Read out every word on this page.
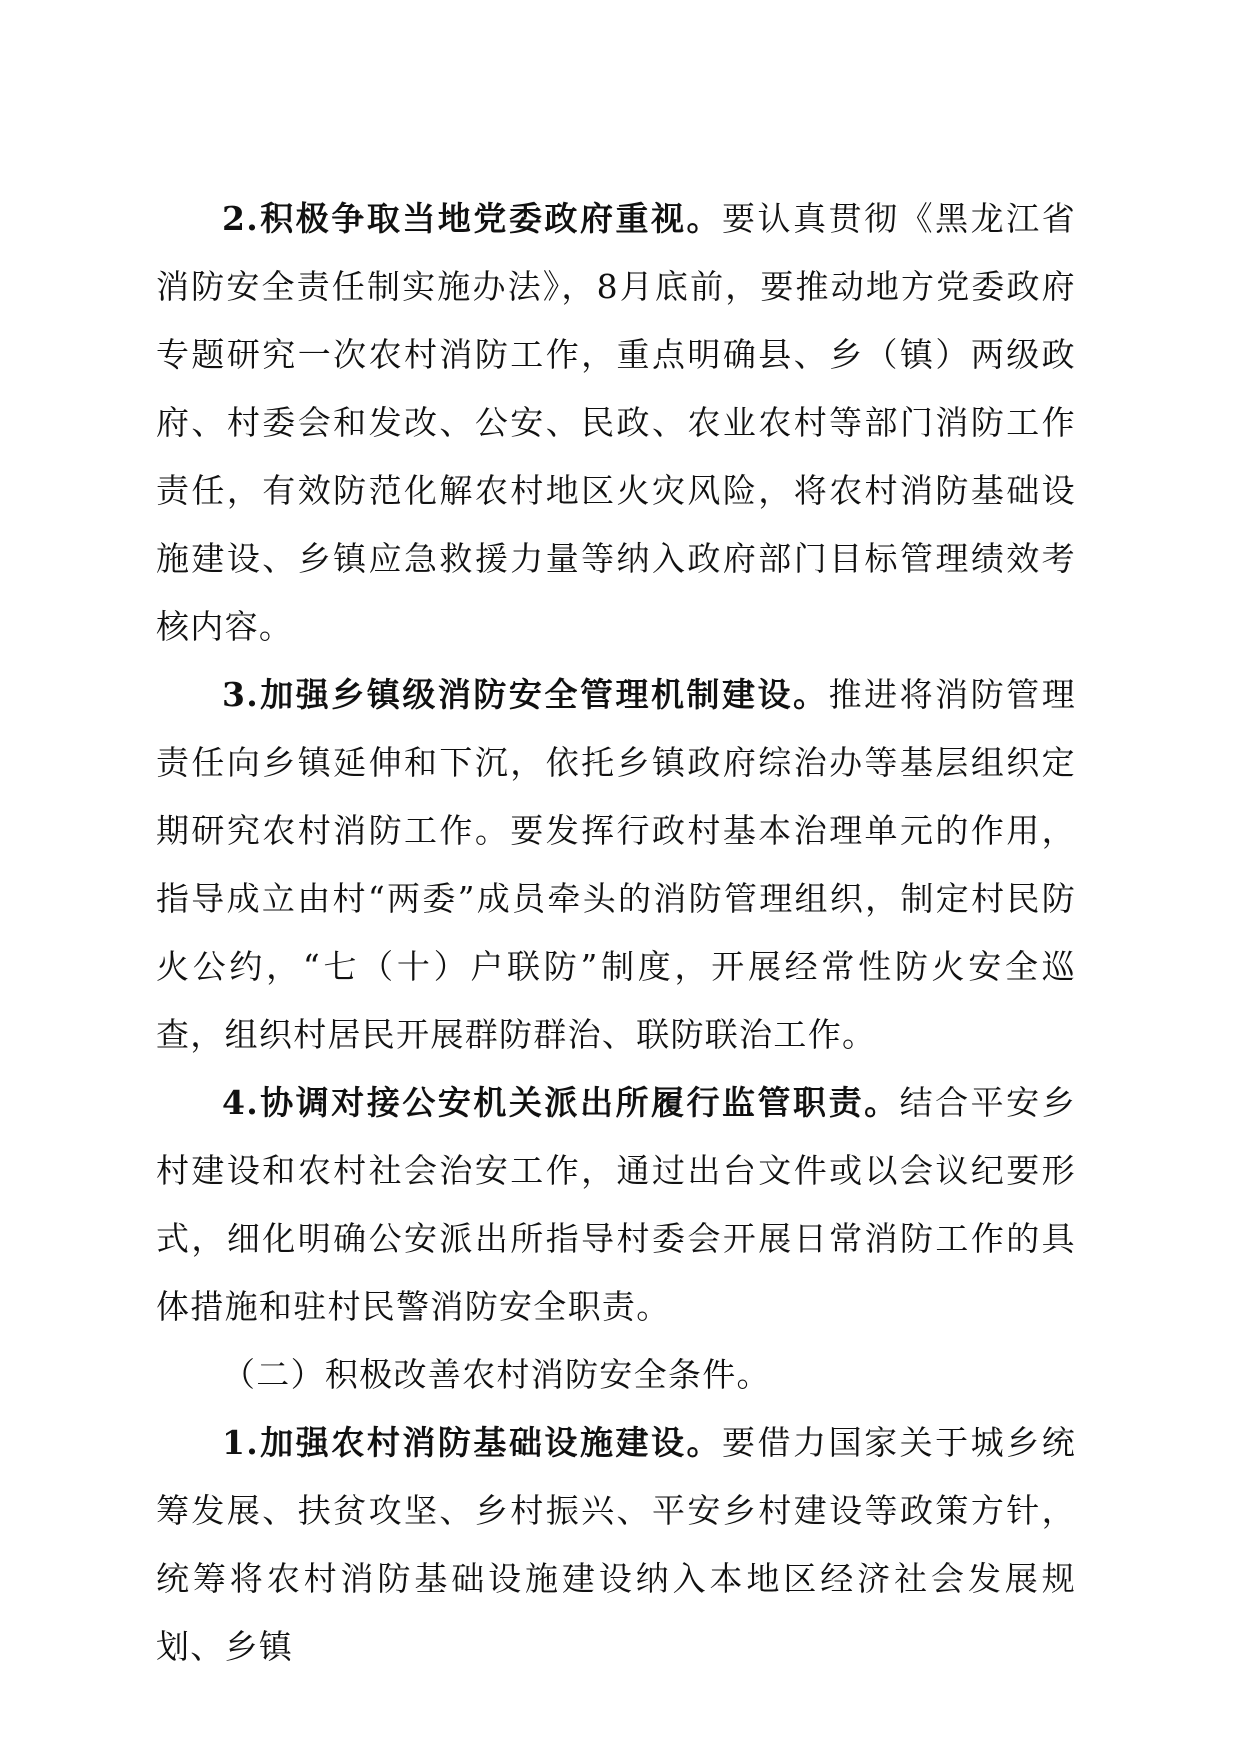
2.积极争取当地党委政府重视。要认真贯彻《黑龙江省消防安全责任制实施办法》，8月底前，要推动地方党委政府专题研究一次农村消防工作，重点明确县、乡（镇）两级政府、村委会和发改、公安、民政、农业农村等部门消防工作责任，有效防范化解农村地区火灾风险，将农村消防基础设施建设、乡镇应急救援力量等纳入政府部门目标管理绩效考核内容。

3.加强乡镇级消防安全管理机制建设。推进将消防管理责任向乡镇延伸和下沉，依托乡镇政府综治办等基层组织定期研究农村消防工作。要发挥行政村基本治理单元的作用，指导成立由村“两委”成员牵头的消防管理组织，制定村民防火公约，“七（十）户联防”制度，开展经常性防火安全巡查，组织村居民开展群防群治、联防联治工作。

4.协调对接公安机关派出所履行监管职责。结合平安乡村建设和农村社会治安工作，通过出台文件或以会议纪要形式，细化明确公安派出所指导村委会开展日常消防工作的具体措施和驻村民警消防安全职责。

（二）积极改善农村消防安全条件。

1.加强农村消防基础设施建设。要借力国家关于城乡统筹发展、扶贫攻坚、乡村振兴、平安乡村建设等政策方针，统筹将农村消防基础设施建设纳入本地区经济社会发展规划、乡镇
